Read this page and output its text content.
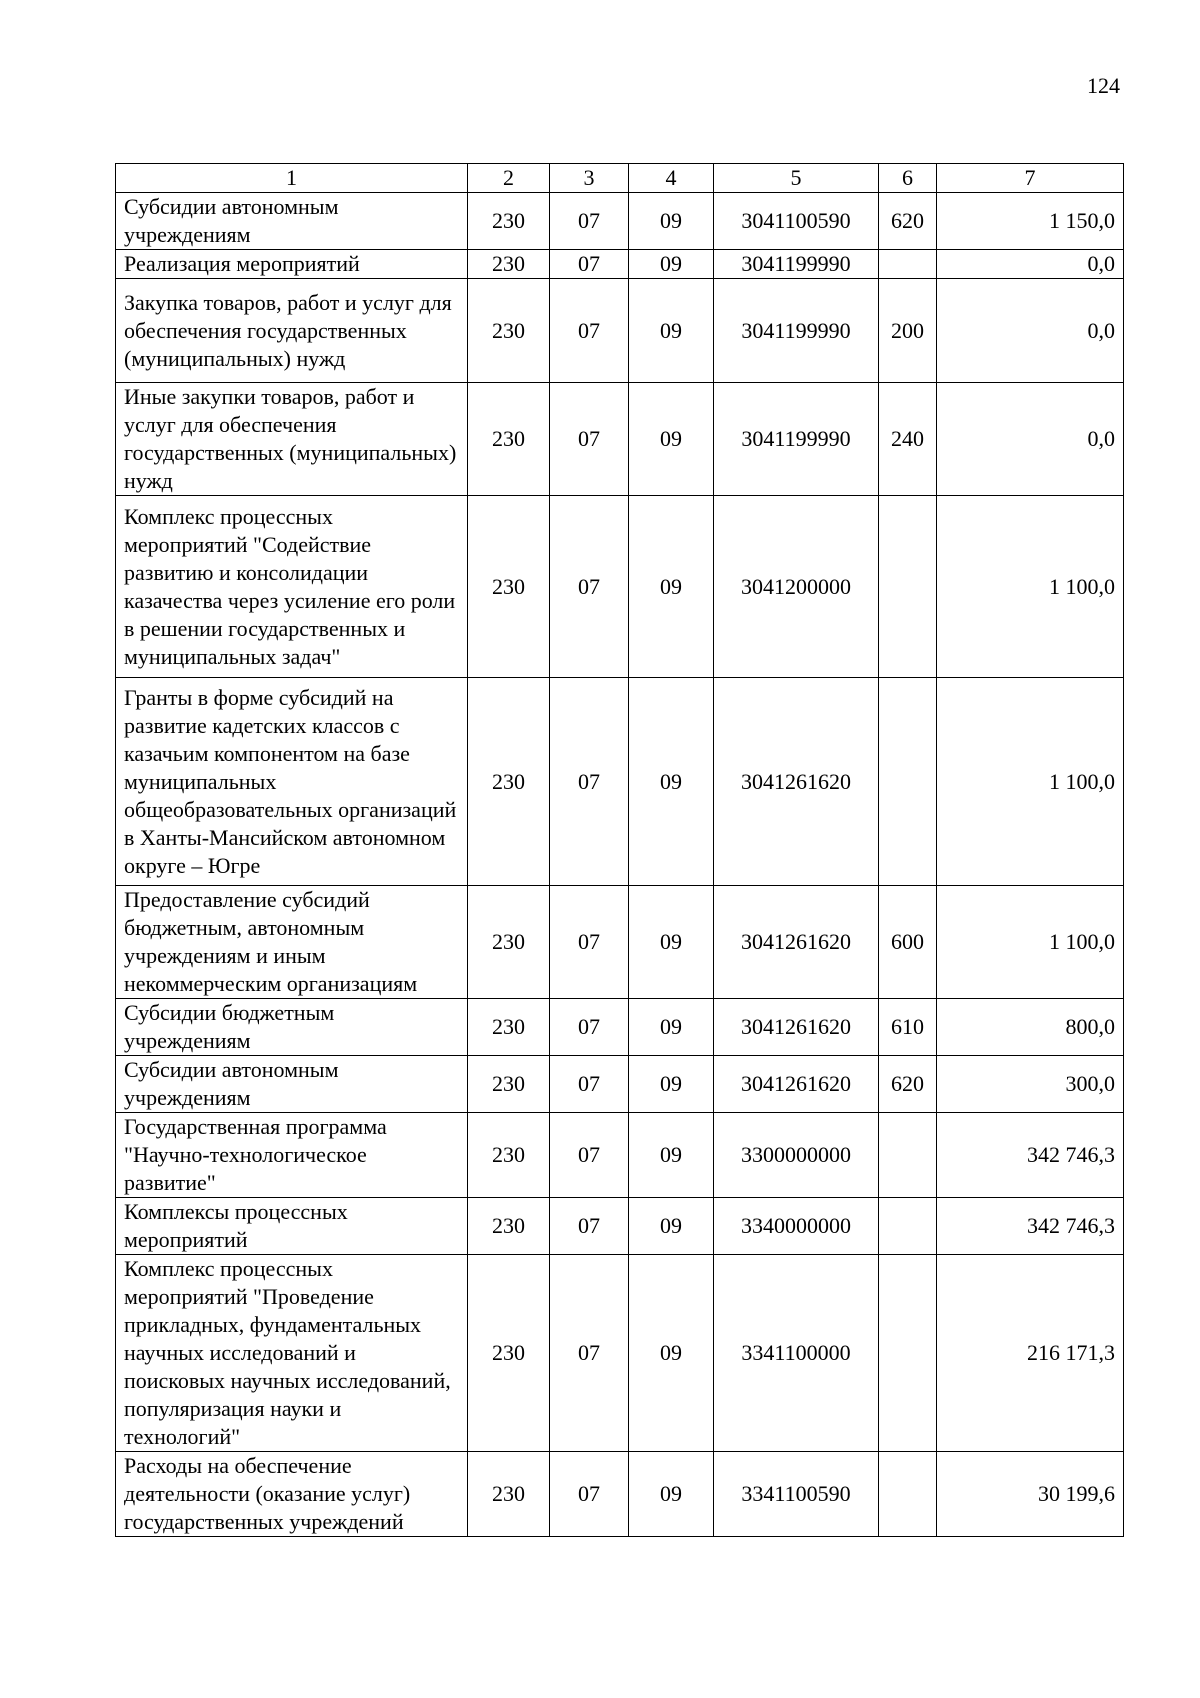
124
1	2	3	4	5	6	7
Субсидии автономным учреждениям	230	07	09	3041100590	620	1 150,0
Реализация мероприятий	230	07	09	3041199990		0,0
Закупка товаров, работ и услуг для обеспечения государственных (муниципальных) нужд	230	07	09	3041199990	200	0,0
Иные закупки товаров, работ и услуг для обеспечения государственных (муниципальных) нужд	230	07	09	3041199990	240	0,0
Комплекс процессных мероприятий "Содействие развитию и консолидации казачества через усиление его роли в решении государственных и муниципальных задач"	230	07	09	3041200000		1 100,0
Гранты в форме субсидий на развитие кадетских классов с казачьим компонентом на базе муниципальных общеобразовательных организаций в Ханты-Мансийском автономном округе – Югре	230	07	09	3041261620		1 100,0
Предоставление субсидий бюджетным, автономным учреждениям и иным некоммерческим организациям	230	07	09	3041261620	600	1 100,0
Субсидии бюджетным учреждениям	230	07	09	3041261620	610	800,0
Субсидии автономным учреждениям	230	07	09	3041261620	620	300,0
Государственная программа "Научно-технологическое развитие"	230	07	09	3300000000		342 746,3
Комплексы процессных мероприятий	230	07	09	3340000000		342 746,3
Комплекс процессных мероприятий "Проведение прикладных, фундаментальных научных исследований и поисковых научных исследований, популяризация науки и технологий"	230	07	09	3341100000		216 171,3
Расходы на обеспечение деятельности (оказание услуг) государственных учреждений	230	07	09	3341100590		30 199,6
